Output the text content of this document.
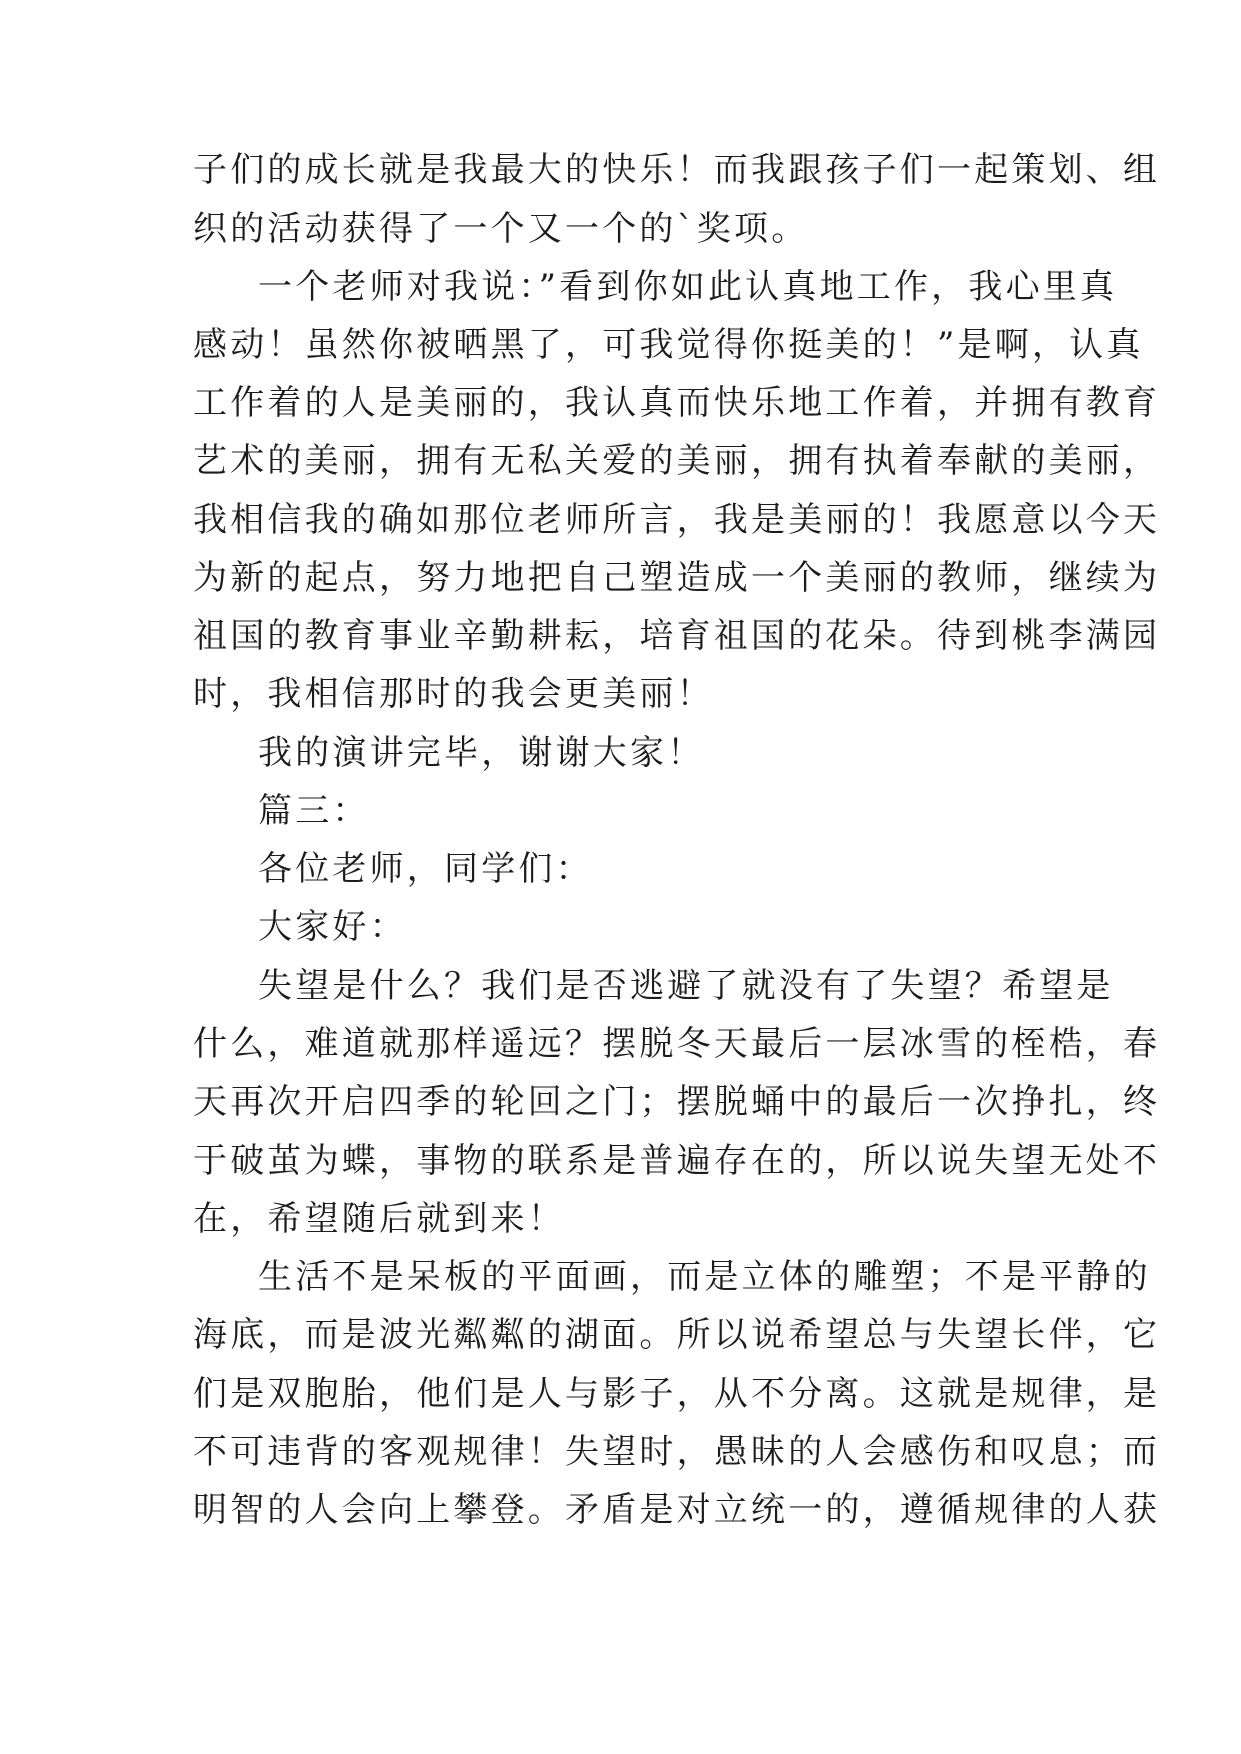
子们的成长就是我最大的快乐！而我跟孩子们一起策划、组
织的活动获得了一个又一个的`奖项。
一个老师对我说：”看到你如此认真地工作，我心里真
感动！虽然你被晒黑了，可我觉得你挺美的！”是啊，认真
工作着的人是美丽的，我认真而快乐地工作着，并拥有教育
艺术的美丽，拥有无私关爱的美丽，拥有执着奉献的美丽，
我相信我的确如那位老师所言，我是美丽的！我愿意以今天
为新的起点，努力地把自己塑造成一个美丽的教师，继续为
祖国的教育事业辛勤耕耘，培育祖国的花朵。待到桃李满园
时，我相信那时的我会更美丽！
我的演讲完毕，谢谢大家！
篇三：
各位老师，同学们：
大家好：
失望是什么？我们是否逃避了就没有了失望？希望是
什么，难道就那样遥远？摆脱冬天最后一层冰雪的桎梏，春
天再次开启四季的轮回之门；摆脱蛹中的最后一次挣扎，终
于破茧为蝶，事物的联系是普遍存在的，所以说失望无处不
在，希望随后就到来！
生活不是呆板的平面画，而是立体的雕塑；不是平静的
海底，而是波光粼粼的湖面。所以说希望总与失望长伴，它
们是双胞胎，他们是人与影子，从不分离。这就是规律，是
不可违背的客观规律！失望时，愚昧的人会感伤和叹息；而
明智的人会向上攀登。矛盾是对立统一的，遵循规律的人获
